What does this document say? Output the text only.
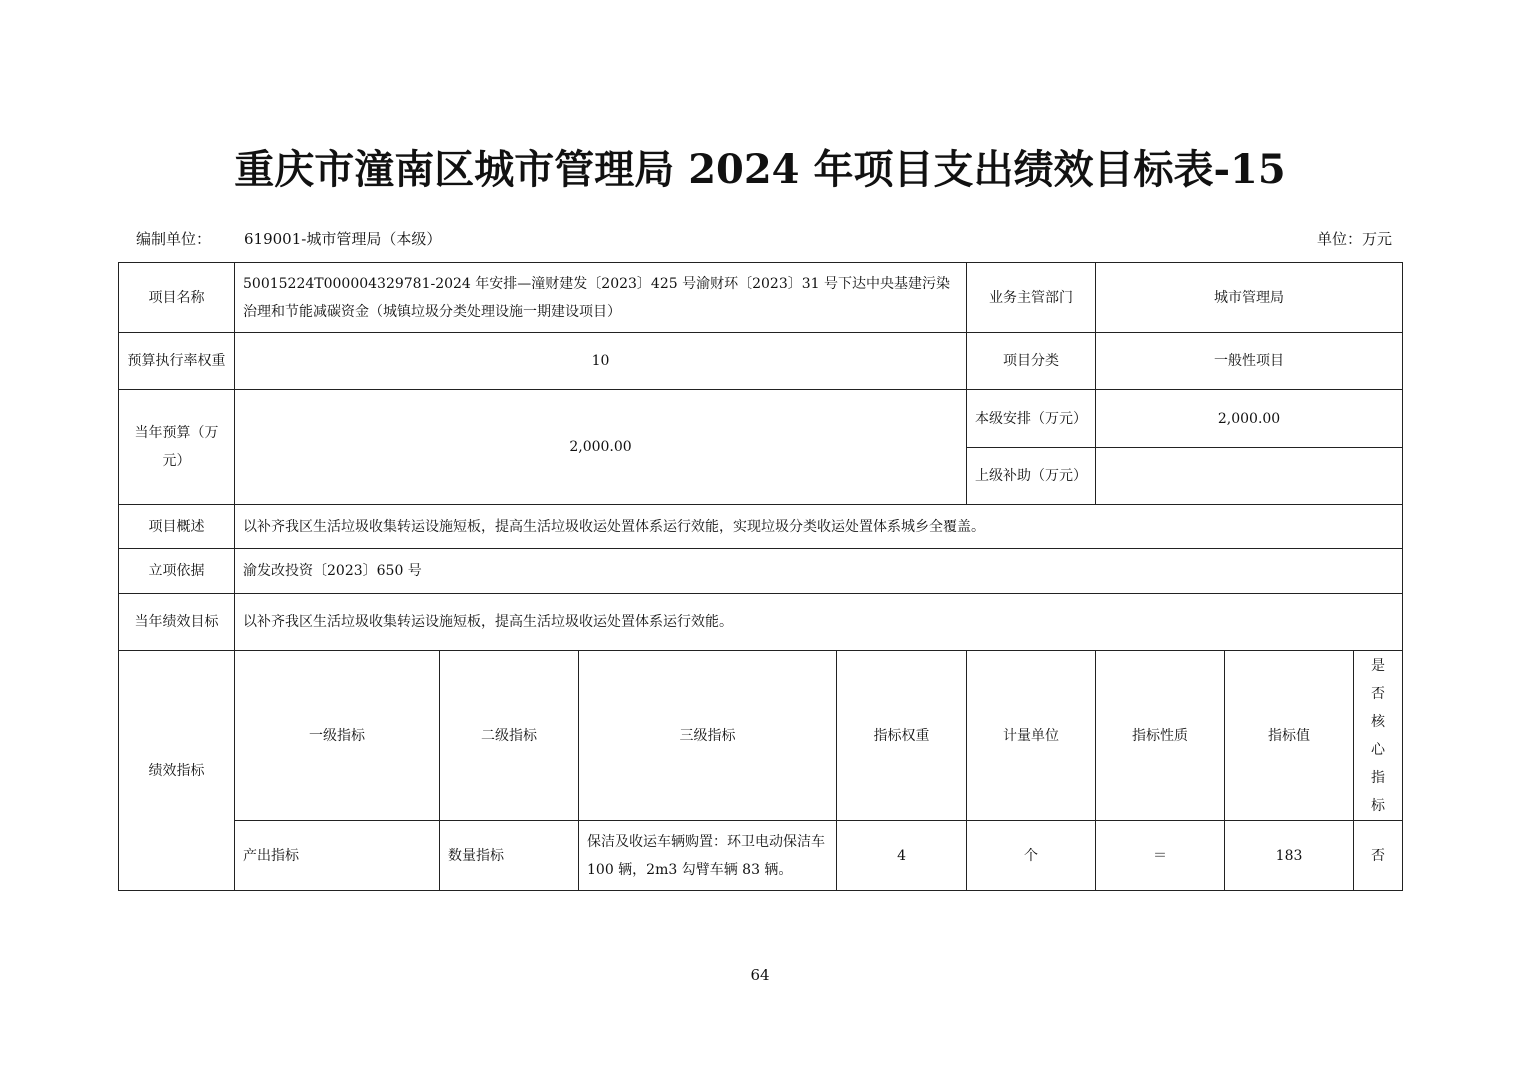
重庆市潼南区城市管理局 2024 年项目支出绩效目标表-15
编制单位： 619001-城市管理局（本级）	单位：万元
项目名称	50015224T000004329781-2024 年安排—潼财建发〔2023〕425 号渝财环〔2023〕31 号下达中央基建污染治理和节能减碳资金（城镇垃圾分类处理设施一期建设项目）				业务主管部门	城市管理局		
预算执行率权重	10				项目分类	一般性项目		
当年预算（万元）	2,000.00				本级安排（万元）	2,000.00		
					上级补助（万元）			
项目概述	以补齐我区生活垃圾收集转运设施短板，提高生活垃圾收运处置体系运行效能，实现垃圾分类收运处置体系城乡全覆盖。							
立项依据	渝发改投资〔2023〕650 号							
当年绩效目标	以补齐我区生活垃圾收集转运设施短板，提高生活垃圾收运处置体系运行效能。							
绩效指标	一级指标	二级指标	三级指标	指标权重	计量单位	指标性质	指标值	是否核心指标
	产出指标	数量指标	保洁及收运车辆购置：环卫电动保洁车 100 辆，2m3 勾臂车辆 83 辆。	4	个	＝	183	否
64
